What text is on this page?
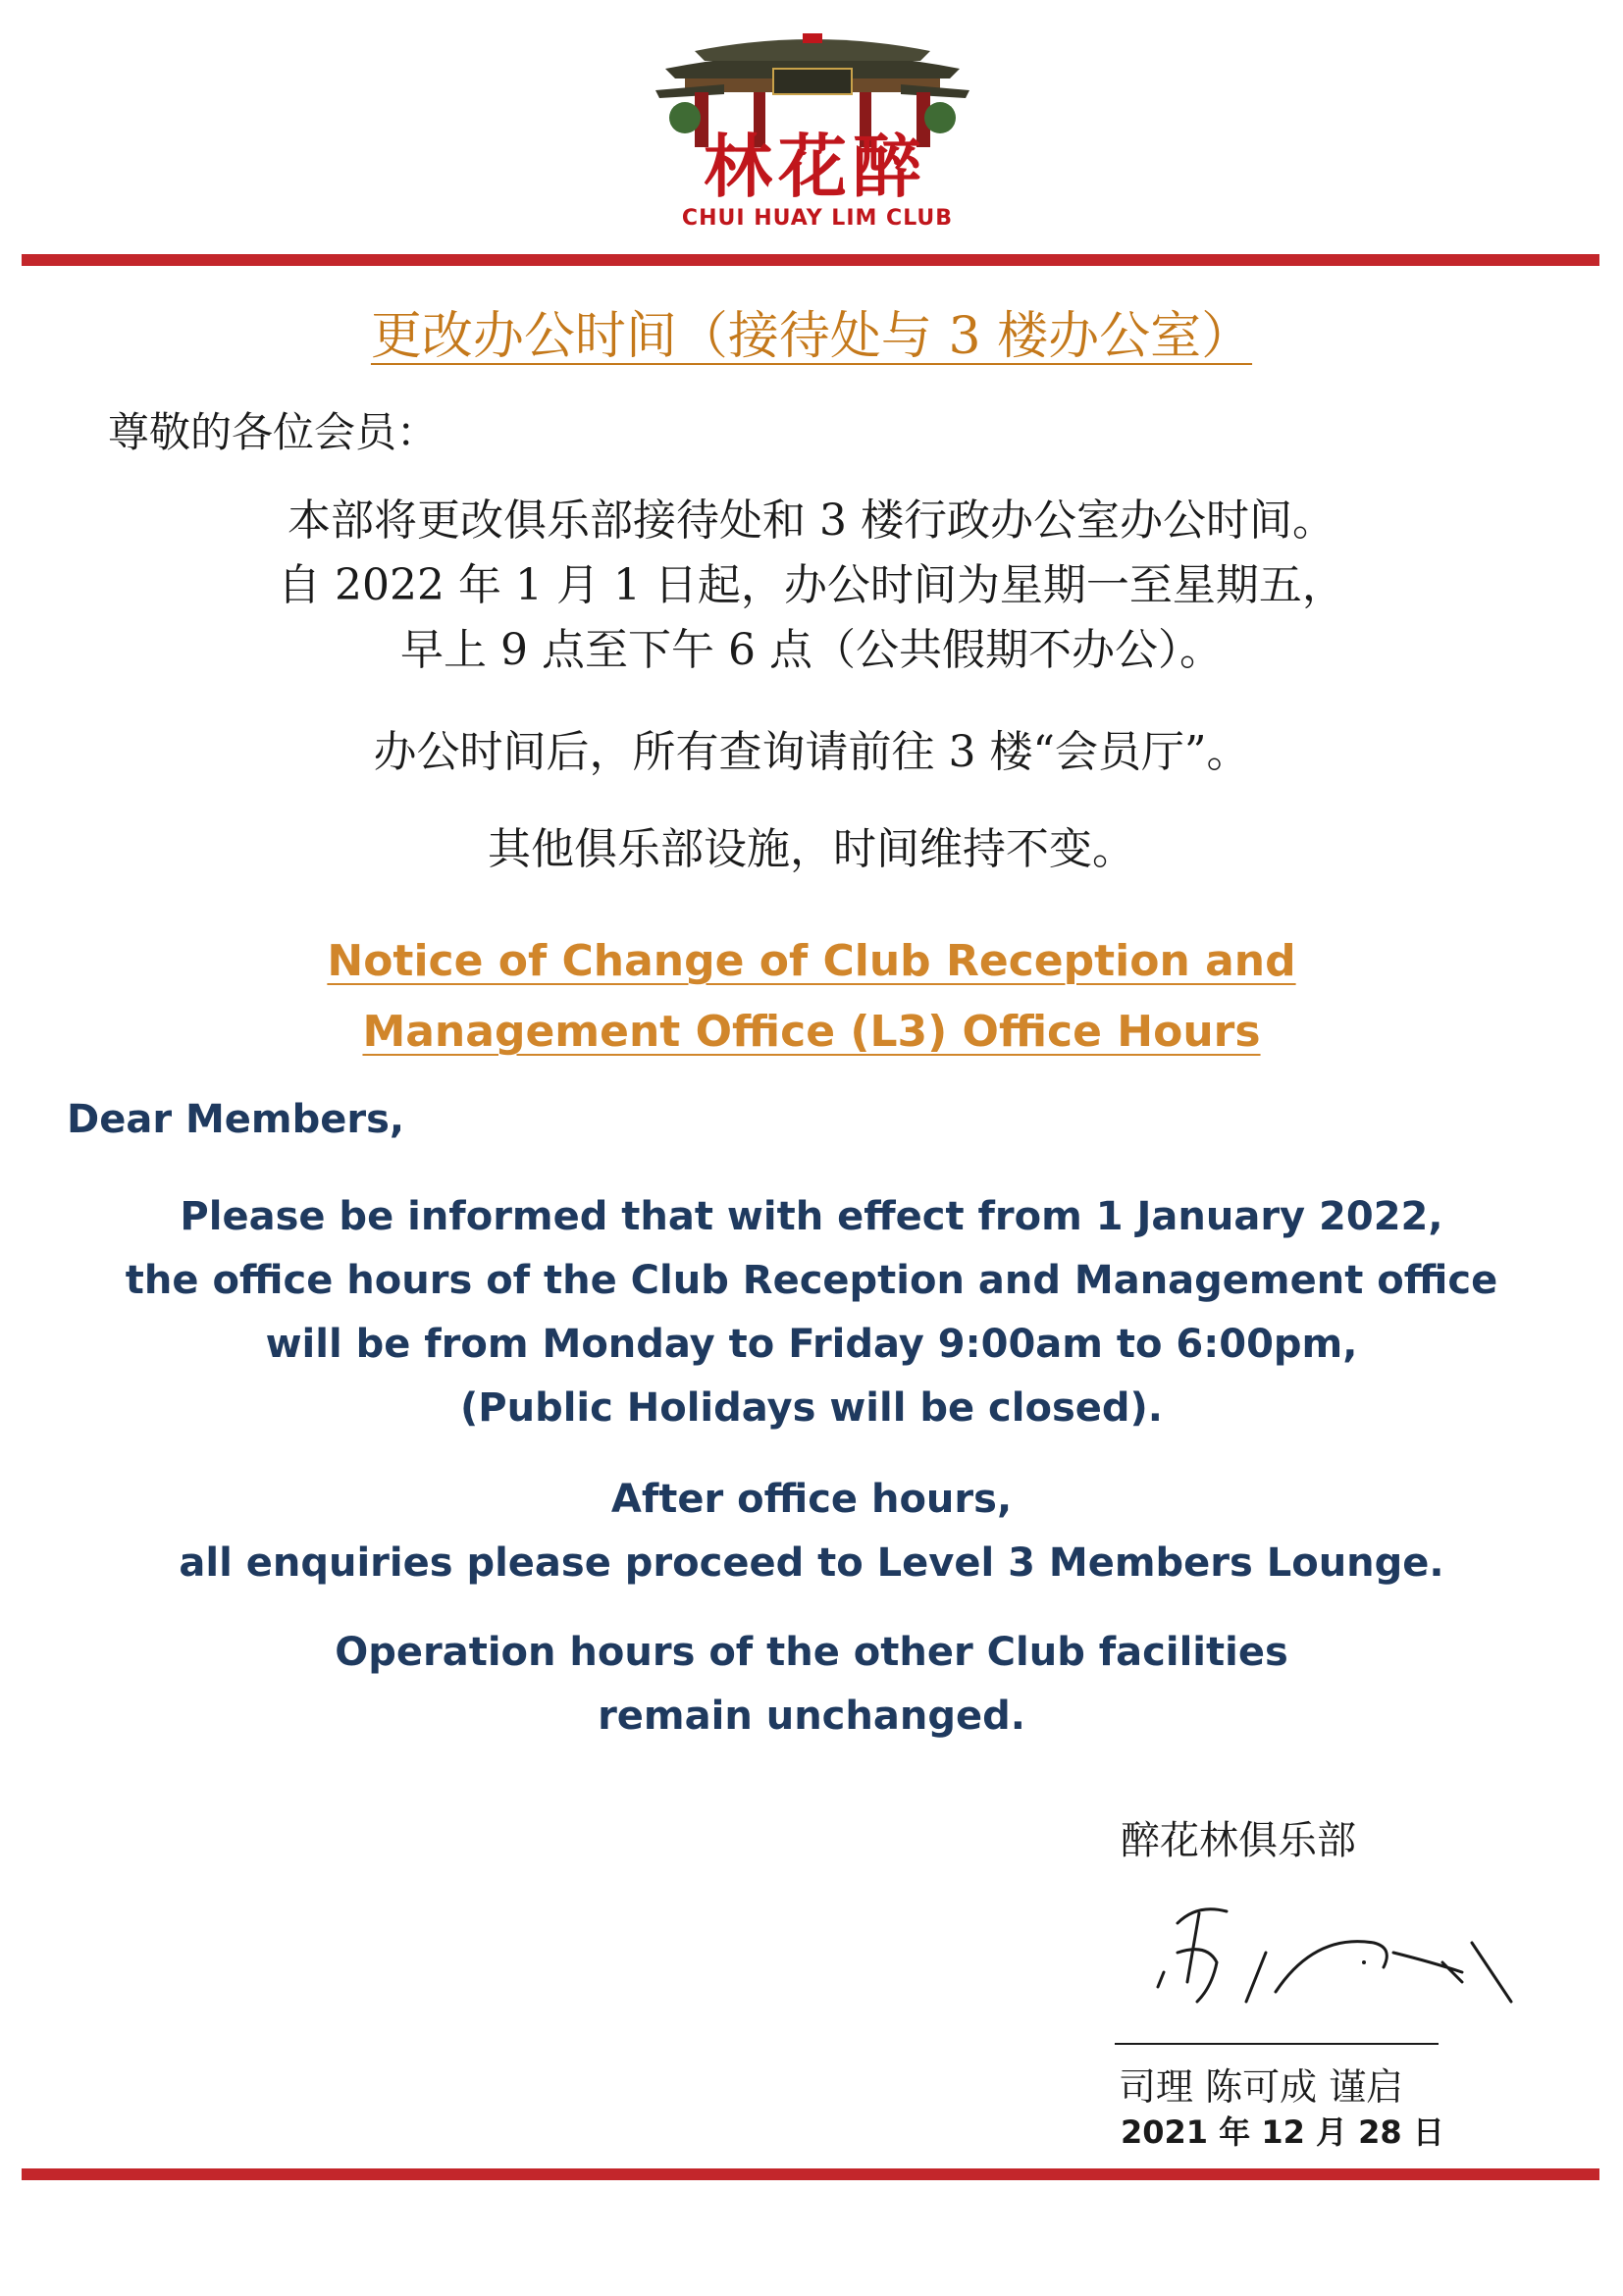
林花醉
CHUI HUAY LIM CLUB
更改办公时间（接待处与 3 楼办公室）
尊敬的各位会员：
本部将更改俱乐部接待处和 3 楼行政办公室办公时间。
自 2022 年 1 月 1 日起，办公时间为星期一至星期五，
早上 9 点至下午 6 点（公共假期不办公）。
办公时间后，所有查询请前往 3 楼“会员厅”。
其他俱乐部设施，时间维持不变。
Notice of Change of Club Reception and
Management Office (L3) Office Hours
Dear Members,
Please be informed that with effect from 1 January 2022,
the office hours of the Club Reception and Management office
will be from Monday to Friday 9:00am to 6:00pm,
(Public Holidays will be closed).
After office hours,
all enquiries please proceed to Level 3 Members Lounge.
Operation hours of the other Club facilities
remain unchanged.
醉花林俱乐部
司理 陈可成 谨启
2021 年 12 月 28 日
